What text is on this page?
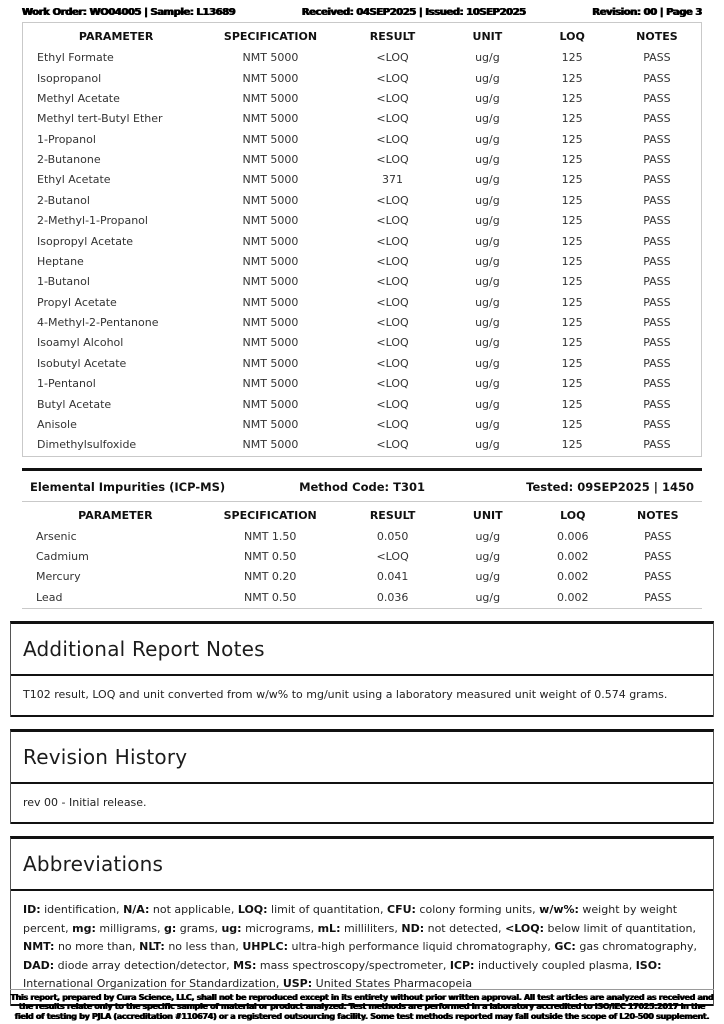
Work Order: WO04005 | Sample: L13689	Received: 04SEP2025 | Issued: 10SEP2025	Revision: 00 | Page 3
PARAMETER	SPECIFICATION	RESULT	UNIT	LOQ	NOTES
Ethyl Formate	NMT 5000	<LOQ	ug/g	125	PASS
Isopropanol	NMT 5000	<LOQ	ug/g	125	PASS
Methyl Acetate	NMT 5000	<LOQ	ug/g	125	PASS
Methyl tert-Butyl Ether	NMT 5000	<LOQ	ug/g	125	PASS
1-Propanol	NMT 5000	<LOQ	ug/g	125	PASS
2-Butanone	NMT 5000	<LOQ	ug/g	125	PASS
Ethyl Acetate	NMT 5000	371	ug/g	125	PASS
2-Butanol	NMT 5000	<LOQ	ug/g	125	PASS
2-Methyl-1-Propanol	NMT 5000	<LOQ	ug/g	125	PASS
Isopropyl Acetate	NMT 5000	<LOQ	ug/g	125	PASS
Heptane	NMT 5000	<LOQ	ug/g	125	PASS
1-Butanol	NMT 5000	<LOQ	ug/g	125	PASS
Propyl Acetate	NMT 5000	<LOQ	ug/g	125	PASS
4-Methyl-2-Pentanone	NMT 5000	<LOQ	ug/g	125	PASS
Isoamyl Alcohol	NMT 5000	<LOQ	ug/g	125	PASS
Isobutyl Acetate	NMT 5000	<LOQ	ug/g	125	PASS
1-Pentanol	NMT 5000	<LOQ	ug/g	125	PASS
Butyl Acetate	NMT 5000	<LOQ	ug/g	125	PASS
Anisole	NMT 5000	<LOQ	ug/g	125	PASS
Dimethylsulfoxide	NMT 5000	<LOQ	ug/g	125	PASS
Elemental Impurities (ICP-MS)	Method Code: T301	Tested: 09SEP2025 | 1450
PARAMETER	SPECIFICATION	RESULT	UNIT	LOQ	NOTES
Arsenic	NMT 1.50	0.050	ug/g	0.006	PASS
Cadmium	NMT 0.50	<LOQ	ug/g	0.002	PASS
Mercury	NMT 0.20	0.041	ug/g	0.002	PASS
Lead	NMT 0.50	0.036	ug/g	0.002	PASS
Additional Report Notes
T102 result, LOQ and unit converted from w/w% to mg/unit using a laboratory measured unit weight of 0.574 grams.
Revision History
rev 00 - Initial release.
Abbreviations
ID: identification, N/A: not applicable, LOQ: limit of quantitation, CFU: colony forming units, w/w%: weight by weight percent, mg: milligrams, g: grams, ug: micrograms, mL: milliliters, ND: not detected, <LOQ: below limit of quantitation, NMT: no more than, NLT: no less than, UHPLC: ultra-high performance liquid chromatography, GC: gas chromatography, DAD: diode array detection/detector, MS: mass spectroscopy/spectrometer, ICP: inductively coupled plasma, ISO: International Organization for Standardization, USP: United States Pharmacopeia
This report, prepared by Cura Science, LLC, shall not be reproduced except in its entirety without prior written approval. All test articles are analyzed as received and the results relate only to the specific sample of material or product analyzed. Test methods are performed in a laboratory accredited to ISO/IEC 17025:2017 in the field of testing by PJLA (accreditation #110674) or a registered outsourcing facility. Some test methods reported may fall outside the scope of L20-500 supplement.
